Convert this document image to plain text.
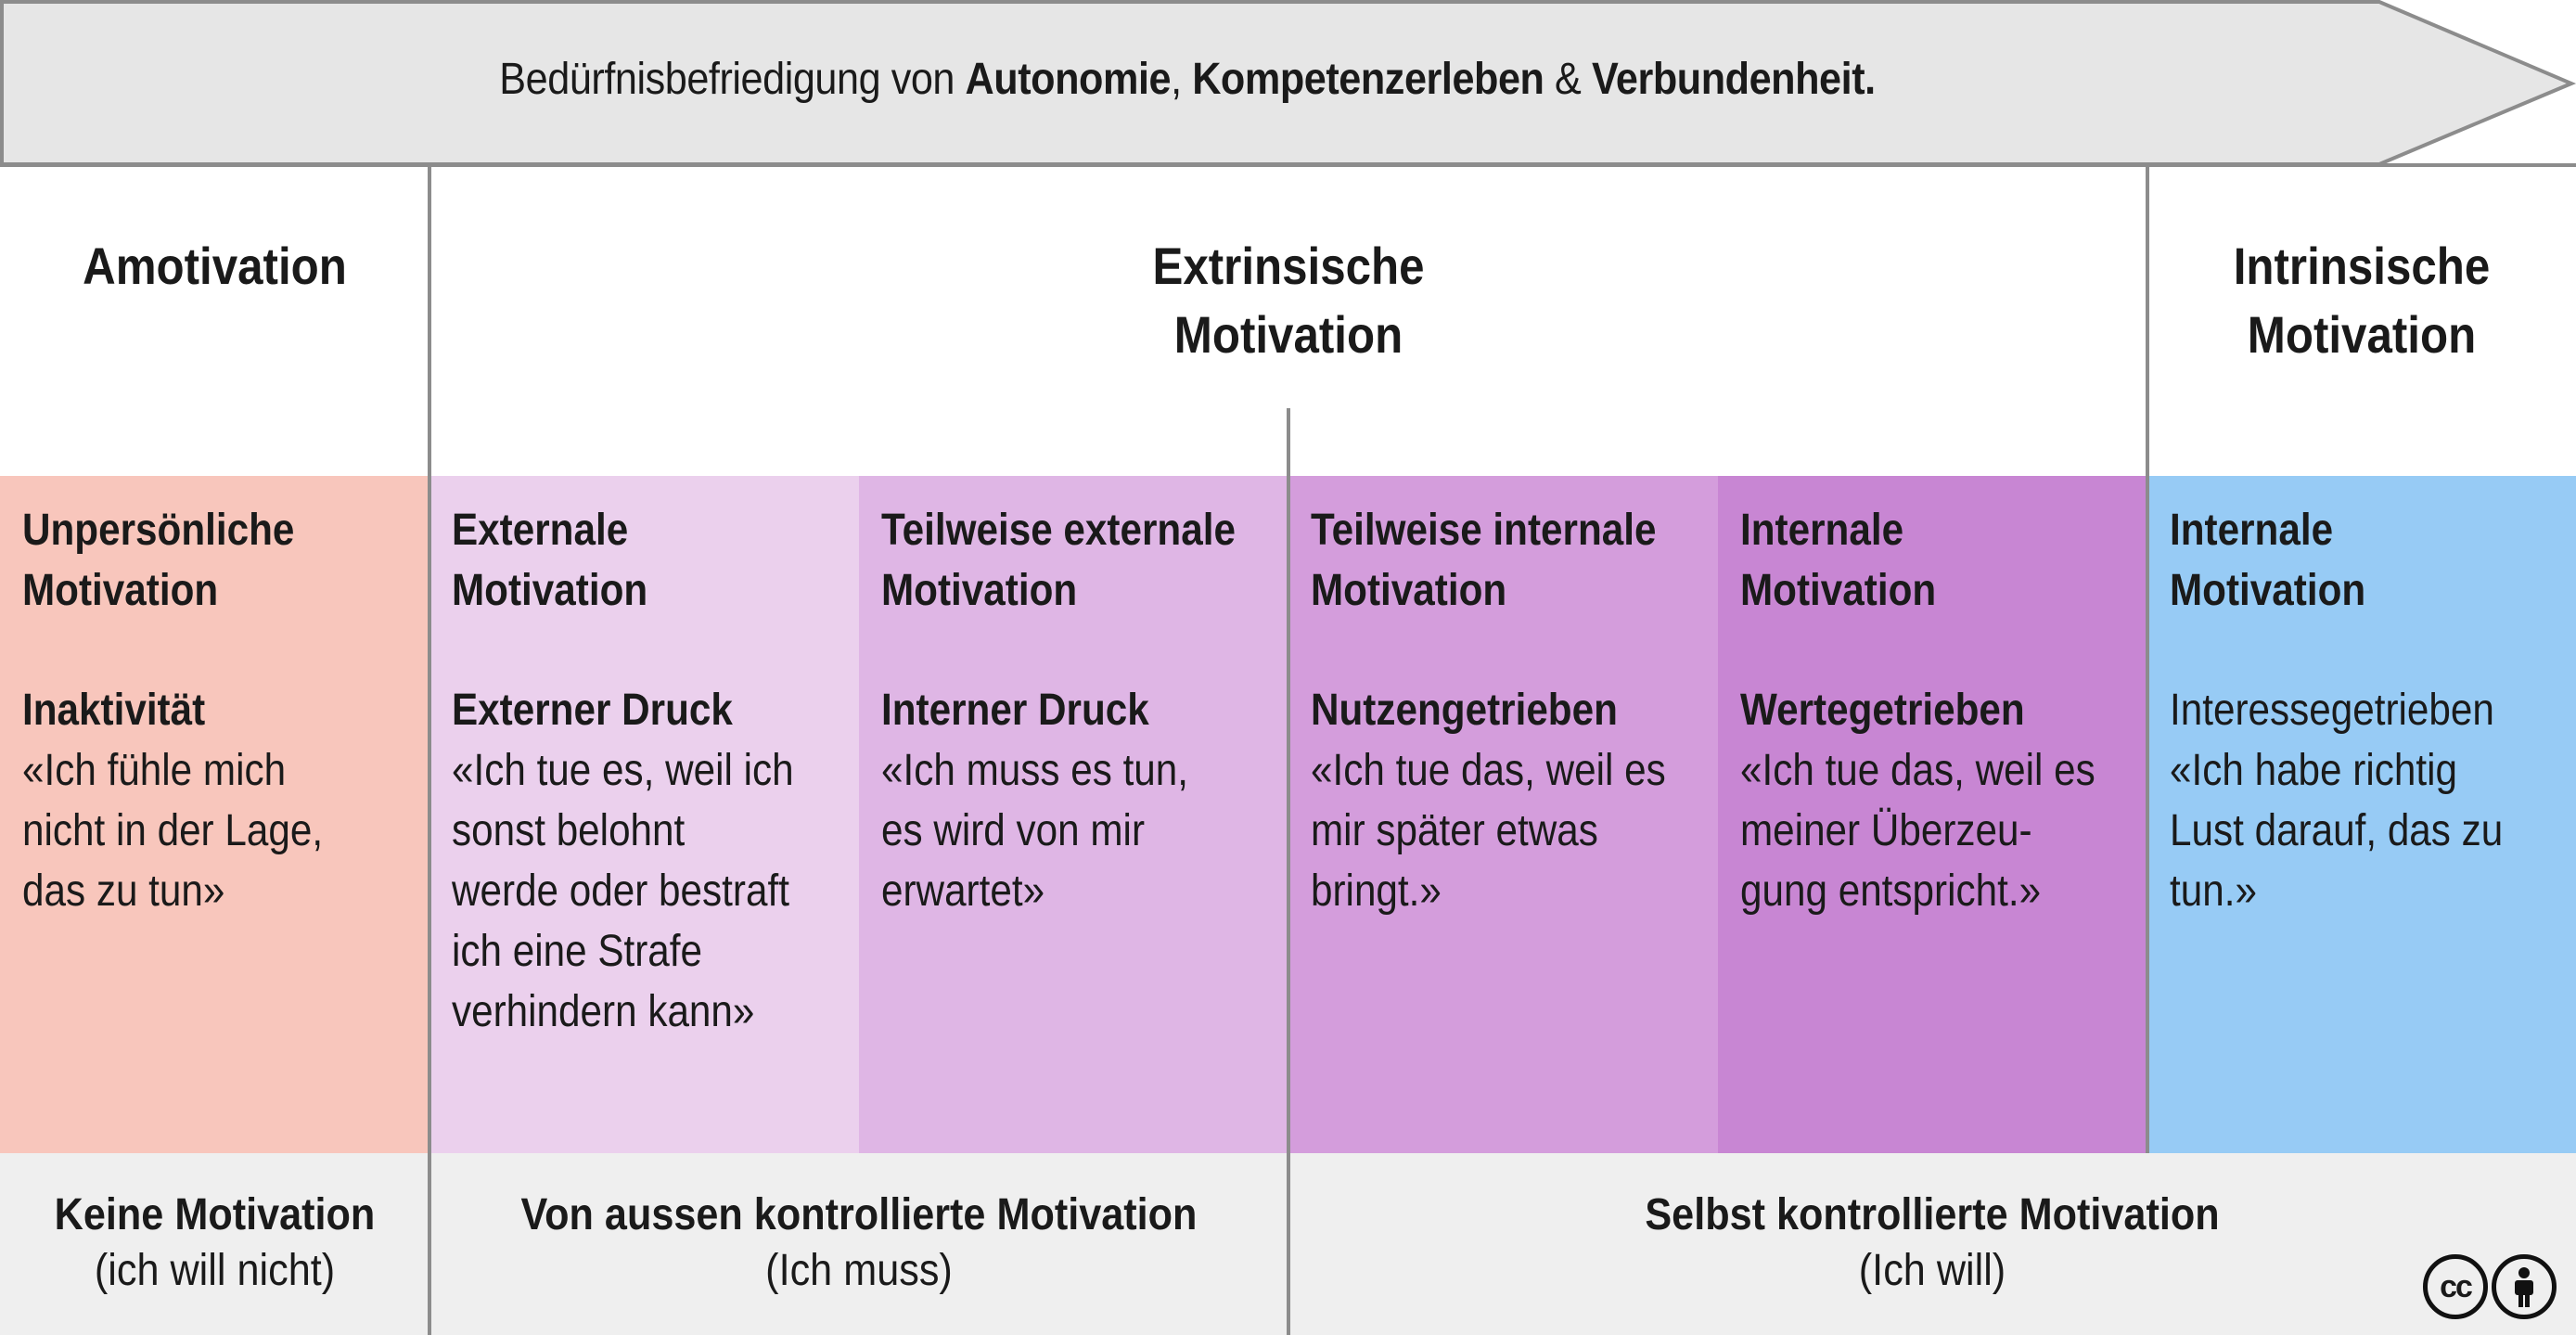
Bedürfnisbefriedigung von Autonomie, Kompetenzerleben & Verbundenheit.
Amotivation	Extrinsische
Motivation
Intrinsische
Motivation
Unpersönliche
Motivation
Inaktivität
«Ich fühle mich
nicht in der Lage,
das zu tun»
Externale
Motivation
Externer Druck
«Ich tue es, weil ich
sonst belohnt
werde oder bestraft
ich eine Strafe
verhindern kann»
Teilweise externale
Motivation
Interner Druck
«Ich muss es tun,
es wird von mir
erwartet»
Teilweise internale
Motivation
Nutzengetrieben
«Ich tue das, weil es
mir später etwas
bringt.»
Internale
Motivation
Wertegetrieben
«Ich tue das, weil es
meiner Überzeu-
gung entspricht.»
Internale
Motivation
Interessegetrieben
«Ich habe richtig
Lust darauf, das zu
tun.»
Keine Motivation
(ich will nicht)
Von aussen kontrollierte Motivation
(Ich muss)
Selbst kontrollierte Motivation
(Ich will)	cc
